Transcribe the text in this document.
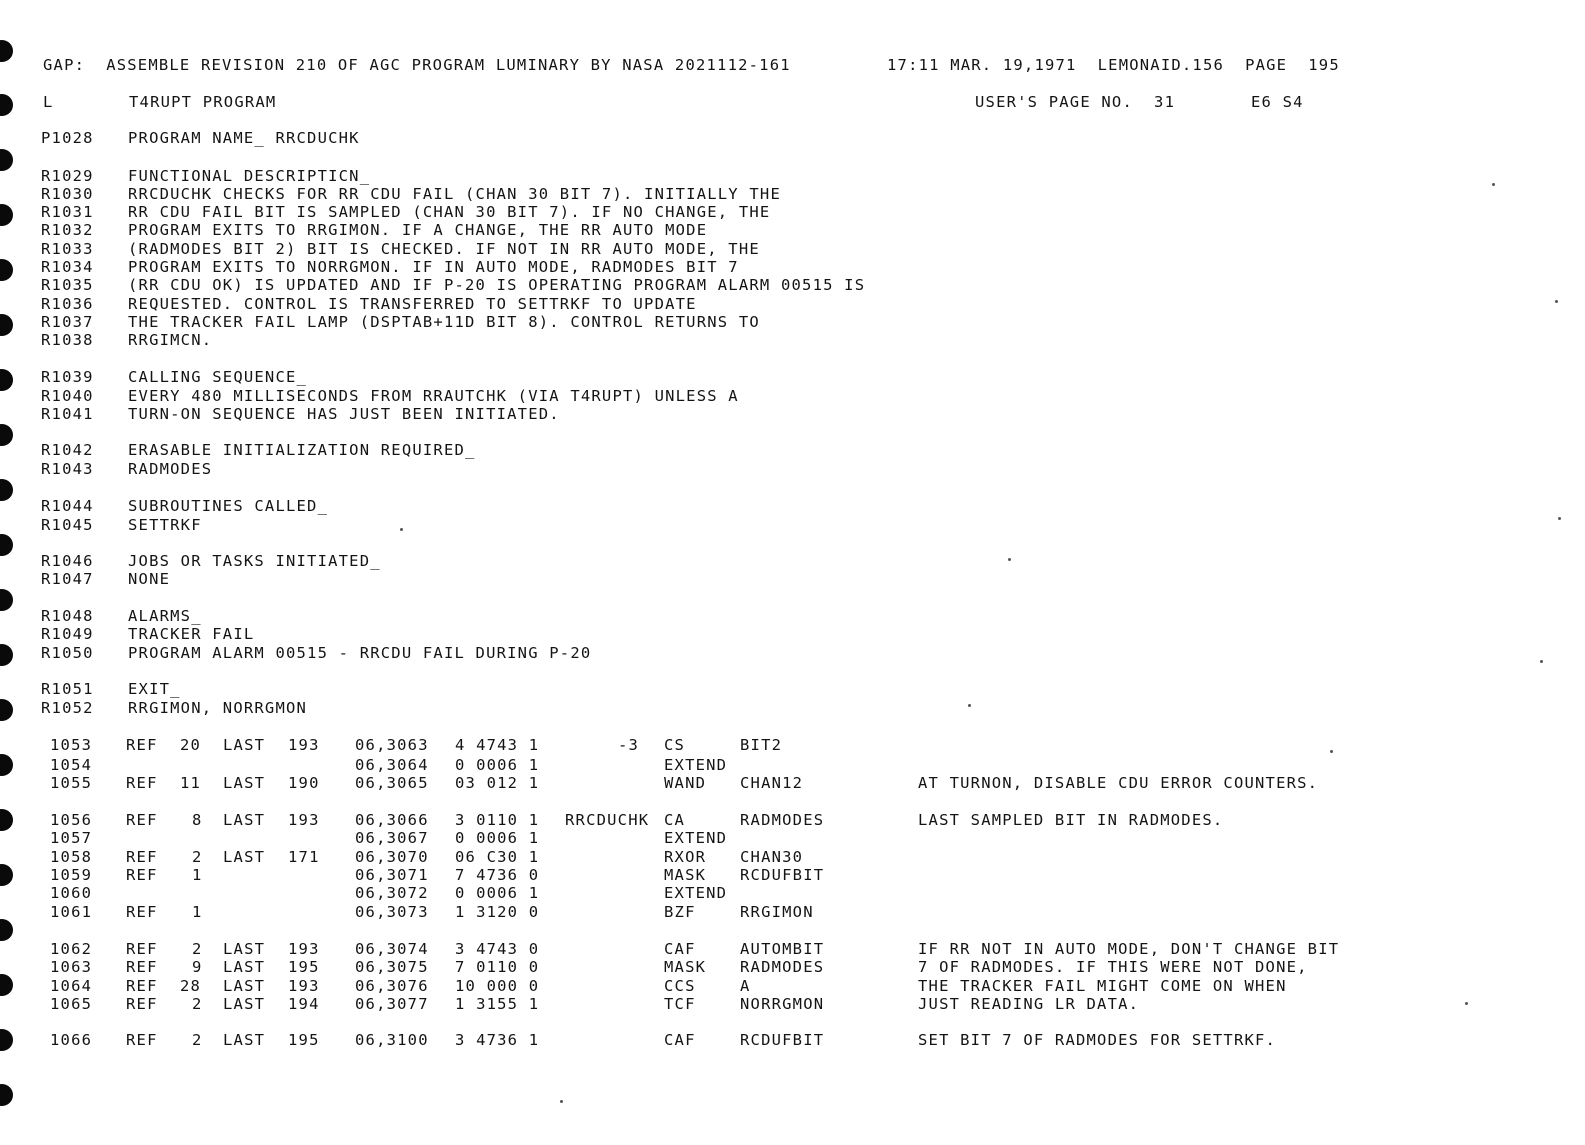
GAP:  ASSEMBLE REVISION 210 OF AGC PROGRAM LUMINARY BY NASA 2021112-161	17:11 MAR. 19,1971  LEMONAID.156  PAGE  195
L	T4RUPT PROGRAM	USER'S PAGE NO.  31	E6 S4
P1028 PROGRAM NAME_ RRCDUCHK
R1029 FUNCTIONAL DESCRIPTICN_
R1030 RRCDUCHK CHECKS FOR RR CDU FAIL (CHAN 30 BIT 7). INITIALLY THE
R1031 RR CDU FAIL BIT IS SAMPLED (CHAN 30 BIT 7). IF NO CHANGE, THE
R1032 PROGRAM EXITS TO RRGIMON. IF A CHANGE, THE RR AUTO MODE
R1033 (RADMODES BIT 2) BIT IS CHECKED. IF NOT IN RR AUTO MODE, THE
R1034 PROGRAM EXITS TO NORRGMON. IF IN AUTO MODE, RADMODES BIT 7
R1035 (RR CDU OK) IS UPDATED AND IF P-20 IS OPERATING PROGRAM ALARM 00515 IS
R1036 REQUESTED. CONTROL IS TRANSFERRED TO SETTRKF TO UPDATE
R1037 THE TRACKER FAIL LAMP (DSPTAB+11D BIT 8). CONTROL RETURNS TO
R1038 RRGIMCN.
R1039 CALLING SEQUENCE_
R1040 EVERY 480 MILLISECONDS FROM RRAUTCHK (VIA T4RUPT) UNLESS A
R1041 TURN-ON SEQUENCE HAS JUST BEEN INITIATED.
R1042 ERASABLE INITIALIZATION REQUIRED_
R1043 RADMODES
R1044 SUBROUTINES CALLED_
R1045 SETTRKF
R1046 JOBS OR TASKS INITIATED_
R1047 NONE
R1048 ALARMS_
R1049 TRACKER FAIL
R1050 PROGRAM ALARM 00515 - RRCDU FAIL DURING P-20
R1051 EXIT_
R1052 RRGIMON, NORRGMON
1053 REF 20 LAST 193 06,3063 4 4743 1	-3 CS	BIT2
1054	06,3064 0 0006 1	EXTEND
1055 REF 11 LAST 190 06,3065 03 012 1	WAND CHAN12	AT TURNON, DISABLE CDU ERROR COUNTERS.
1056 REF 8 LAST 193 06,3066 3 0110 1 RRCDUCHK CA	RADMODES	LAST SAMPLED BIT IN RADMODES.
1057	06,3067 0 0006 1	EXTEND
1058 REF 2 LAST 171 06,3070 06 C30 1	RXOR CHAN30
1059 REF 1	06,3071 7 4736 0	MASK RCDUFBIT
1060	06,3072 0 0006 1	EXTEND
1061 REF 1	06,3073 1 3120 0	BZF	RRGIMON
1062 REF 2 LAST 193 06,3074 3 4743 0	CAF	AUTOMBIT	IF RR NOT IN AUTO MODE, DON'T CHANGE BIT
1063 REF 9 LAST 195 06,3075 7 0110 0	MASK RADMODES	7 OF RADMODES. IF THIS WERE NOT DONE,
1064 REF 28 LAST 193 06,3076 10 000 0	CCS	A	THE TRACKER FAIL MIGHT COME ON WHEN
1065 REF 2 LAST 194 06,3077 1 3155 1	TCF	NORRGMON	JUST READING LR DATA.
1066 REF 2 LAST 195 06,3100 3 4736 1	CAF	RCDUFBIT	SET BIT 7 OF RADMODES FOR SETTRKF.
